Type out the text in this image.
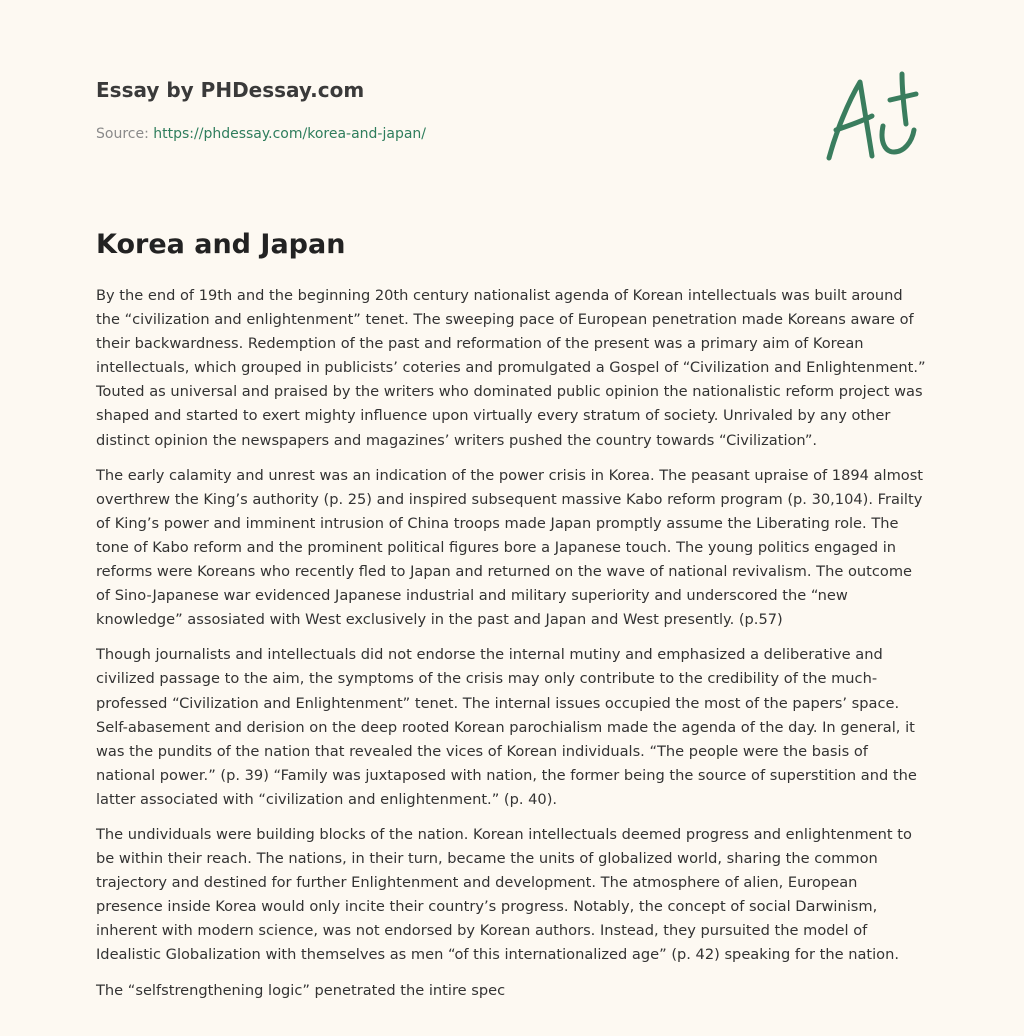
Essay by PHDessay.com
Source: https://phdessay.com/korea-and-japan/
Korea and Japan

By the end of 19th and the beginning 20th century nationalist agenda of Korean intellectuals was built around the “civilization and enlightenment” tenet. The sweeping pace of European penetration made Koreans aware of their backwardness. Redemption of the past and reformation of the present was a primary aim of Korean intellectuals, which grouped in publicists’ coteries and promulgated a Gospel of “Civilization and Enlightenment.” Touted as universal and praised by the writers who dominated public opinion the nationalistic reform project was shaped and started to exert mighty influence upon virtually every stratum of society. Unrivaled by any other distinct opinion the newspapers and magazines’ writers pushed the country towards “Civilization”.

The early calamity and unrest was an indication of the power crisis in Korea. The peasant upraise of 1894 almost overthrew the King’s authority (p. 25) and inspired subsequent massive Kabo reform program (p. 30,104). Frailty of King’s power and imminent intrusion of China troops made Japan promptly assume the Liberating role. The tone of Kabo reform and the prominent political figures bore a Japanese touch. The young politics engaged in reforms were Koreans who recently fled to Japan and returned on the wave of national revivalism. The outcome of Sino-Japanese war evidenced Japanese industrial and military superiority and underscored the “new knowledge” assosiated with West exclusively in the past and Japan and West presently. (p.57)

Though journalists and intellectuals did not endorse the internal mutiny and emphasized a deliberative and civilized passage to the aim, the symptoms of the crisis may only contribute to the credibility of the much-professed “Civilization and Enlightenment” tenet. The internal issues occupied the most of the papers’ space. Self-abasement and derision on the deep rooted Korean parochialism made the agenda of the day. In general, it was the pundits of the nation that revealed the vices of Korean individuals. “The people were the basis of national power.” (p. 39) “Family was juxtaposed with nation, the former being the source of superstition and the latter associated with “civilization and enlightenment.” (p. 40).

The undividuals were building blocks of the nation. Korean intellectuals deemed progress and enlightenment to be within their reach. The nations, in their turn, became the units of globalized world, sharing the common trajectory and destined for further Enlightenment and development. The atmosphere of alien, European presence inside Korea would only incite their country’s progress. Notably, the concept of social Darwinism, inherent with modern science, was not endorsed by Korean authors. Instead, they pursuited the model of Idealistic Globalization with themselves as men “of this internationalized age” (p. 42) speaking for the nation.

The “selfstrengthening logic” penetrated the intire spec
